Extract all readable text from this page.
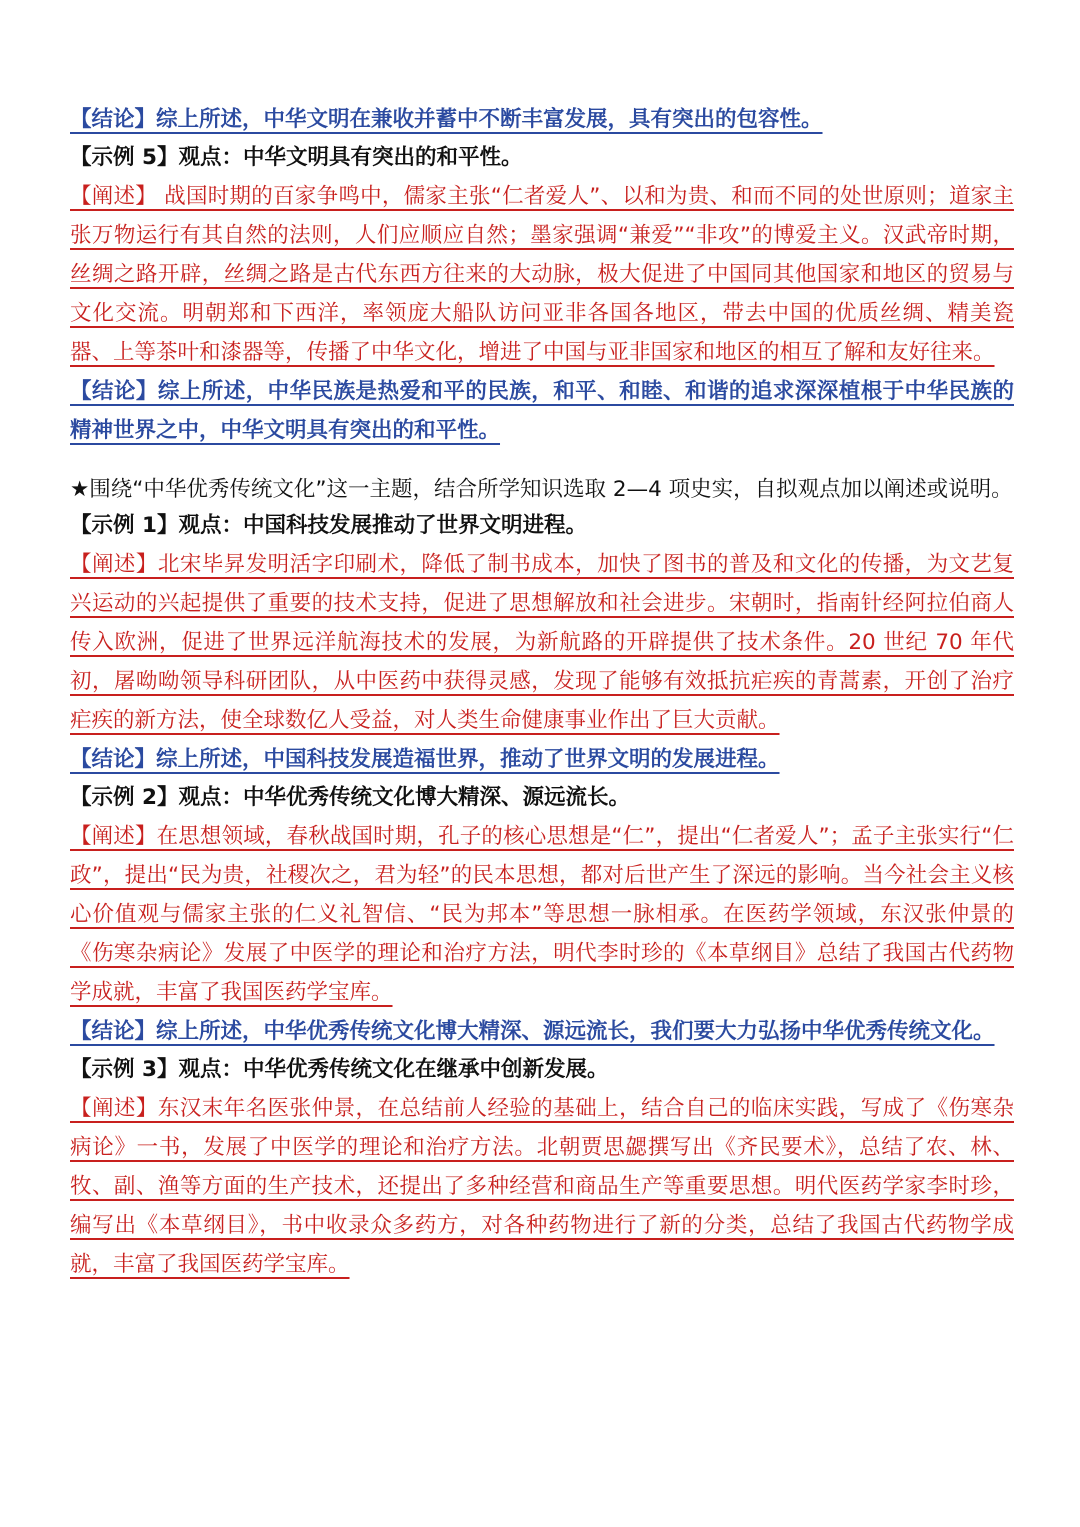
【结论】综上所述，中华文明在兼收并蓄中不断丰富发展，具有突出的包容性。

【示例 5】观点：中华文明具有突出的和平性。

【阐述】 战国时期的百家争鸣中，儒家主张“仁者爱人”、以和为贵、和而不同的处世原则；道家主张万物运行有其自然的法则，人们应顺应自然；墨家强调“兼爱”“非攻”的博爱主义。汉武帝时期，丝绸之路开辟，丝绸之路是古代东西方往来的大动脉，极大促进了中国同其他国家和地区的贸易与文化交流。明朝郑和下西洋，率领庞大船队访问亚非各国各地区，带去中国的优质丝绸、精美瓷器、上等茶叶和漆器等，传播了中华文化，增进了中国与亚非国家和地区的相互了解和友好往来。

【结论】综上所述，中华民族是热爱和平的民族，和平、和睦、和谐的追求深深植根于中华民族的精神世界之中，中华文明具有突出的和平性。

★围绕“中华优秀传统文化”这一主题，结合所学知识选取 2—4 项史实，自拟观点加以阐述或说明。

【示例 1】观点：中国科技发展推动了世界文明进程。

【阐述】北宋毕昇发明活字印刷术，降低了制书成本，加快了图书的普及和文化的传播，为文艺复兴运动的兴起提供了重要的技术支持，促进了思想解放和社会进步。宋朝时，指南针经阿拉伯商人传入欧洲，促进了世界远洋航海技术的发展，为新航路的开辟提供了技术条件。20 世纪 70 年代初，屠呦呦领导科研团队，从中医药中获得灵感，发现了能够有效抵抗疟疾的青蒿素，开创了治疗疟疾的新方法，使全球数亿人受益，对人类生命健康事业作出了巨大贡献。

【结论】综上所述，中国科技发展造福世界，推动了世界文明的发展进程。

【示例 2】观点：中华优秀传统文化博大精深、源远流长。

【阐述】在思想领域，春秋战国时期，孔子的核心思想是“仁”，提出“仁者爱人”；孟子主张实行“仁政”，提出“民为贵，社稷次之，君为轻”的民本思想，都对后世产生了深远的影响。当今社会主义核心价值观与儒家主张的仁义礼智信、“民为邦本”等思想一脉相承。在医药学领域，东汉张仲景的《伤寒杂病论》发展了中医学的理论和治疗方法，明代李时珍的《本草纲目》总结了我国古代药物学成就，丰富了我国医药学宝库。

【结论】综上所述，中华优秀传统文化博大精深、源远流长，我们要大力弘扬中华优秀传统文化。

【示例 3】观点：中华优秀传统文化在继承中创新发展。

【阐述】东汉末年名医张仲景，在总结前人经验的基础上，结合自己的临床实践，写成了《伤寒杂病论》一书，发展了中医学的理论和治疗方法。北朝贾思勰撰写出《齐民要术》，总结了农、林、牧、副、渔等方面的生产技术，还提出了多种经营和商品生产等重要思想。明代医药学家李时珍，编写出《本草纲目》，书中收录众多药方，对各种药物进行了新的分类，总结了我国古代药物学成就，丰富了我国医药学宝库。
